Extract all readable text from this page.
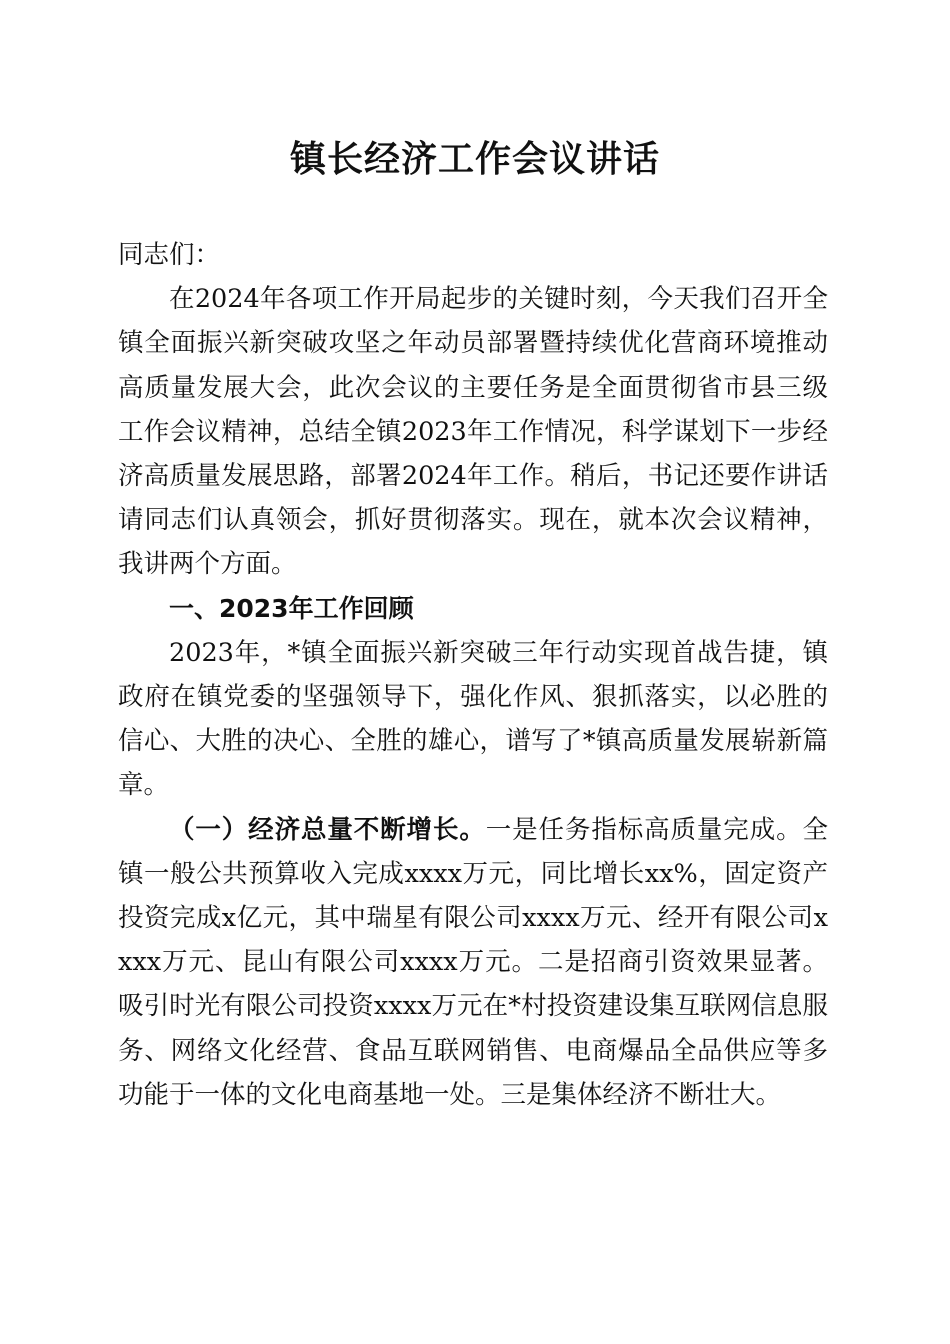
镇长经济工作会议讲话

同志们：

在2024年各项工作开局起步的关键时刻，今天我们召开全镇全面振兴新突破攻坚之年动员部署暨持续优化营商环境推动高质量发展大会，此次会议的主要任务是全面贯彻省市县三级工作会议精神，总结全镇2023年工作情况，科学谋划下一步经济高质量发展思路，部署2024年工作。稍后，书记还要作讲话请同志们认真领会，抓好贯彻落实。现在，就本次会议精神，我讲两个方面。

一、2023年工作回顾

2023年，*镇全面振兴新突破三年行动实现首战告捷，镇政府在镇党委的坚强领导下，强化作风、狠抓落实，以必胜的信心、大胜的决心、全胜的雄心，谱写了*镇高质量发展崭新篇章。

（一）经济总量不断增长。一是任务指标高质量完成。全镇一般公共预算收入完成xxxx万元，同比增长xx%，固定资产投资完成x亿元，其中瑞星有限公司xxxx万元、经开有限公司xxxx万元、昆山有限公司xxxx万元。二是招商引资效果显著。吸引时光有限公司投资xxxx万元在*村投资建设集互联网信息服务、网络文化经营、食品互联网销售、电商爆品全品供应等多功能于一体的文化电商基地一处。三是集体经济不断壮大。
